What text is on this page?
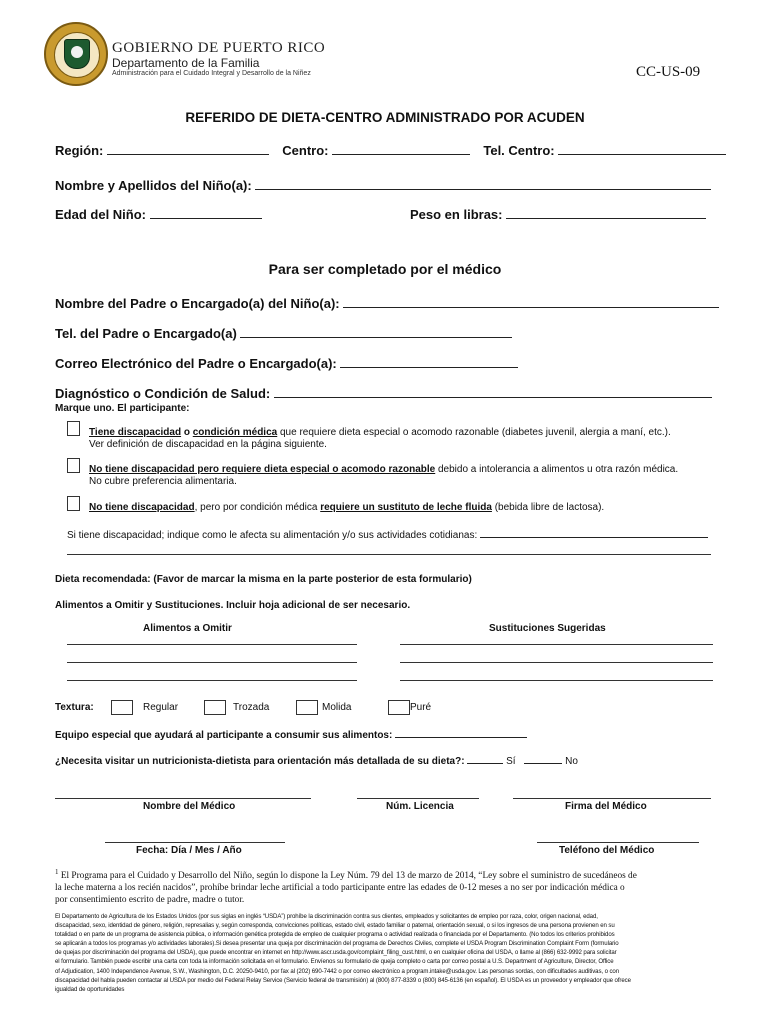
GOBIERNO DE PUERTO RICO
Departamento de la Familia
Administración para el Cuidado Integral y Desarrollo de la Niñez	CC-US-09
REFERIDO DE DIETA-CENTRO ADMINISTRADO POR ACUDEN
Región:	Centro:	Tel. Centro:
Nombre y Apellidos del Niño(a):
Edad del Niño:	Peso en libras:
Para ser completado por el médico
Nombre del Padre o Encargado(a) del Niño(a):
Tel. del Padre o Encargado(a)
Correo Electrónico del Padre o Encargado(a):
Diagnóstico o Condición de Salud:
Marque uno. El participante:
Tiene discapacidad o condición médica que requiere dieta especial o acomodo razonable (diabetes juvenil, alergia a maní, etc.).
Ver definición de discapacidad en la página siguiente.
No tiene discapacidad pero requiere dieta especial o acomodo razonable debido a intolerancia a alimentos u otra razón médica.
No cubre preferencia alimentaria.
No tiene discapacidad, pero por condición médica requiere un sustituto de leche fluida (bebida libre de lactosa).
Si tiene discapacidad; indique como le afecta su alimentación y/o sus actividades cotidianas:
Dieta recomendada: (Favor de marcar la misma en la parte posterior de esta formulario)
Alimentos a Omitir y Sustituciones. Incluir hoja adicional de ser necesario.
Alimentos a Omitir	Sustituciones Sugeridas
Textura:	Regular	Trozada	Molida	Puré
Equipo especial que ayudará al participante a consumir sus alimentos:
¿Necesita visitar un nutricionista-dietista para orientación más detallada de su dieta?:	Sí	No
Nombre del Médico	Núm. Licencia	Firma del Médico
Fecha: Día / Mes / Año	Teléfono del Médico
$^1$ El Programa para el Cuidado y Desarrollo del Niño, según lo dispone la Ley Núm. 79 del 13 de marzo de 2014, “Ley sobre el suministro de sucedáneos de
la leche materna a los recién nacidos”, prohíbe brindar leche artificial a todo participante entre las edades de 0-12 meses a no ser por indicación médica o
por consentimiento escrito de padre, madre o tutor.
El Departamento de Agricultura de los Estados Unidos (por sus siglas en inglés “USDA”) prohíbe la discriminación contra sus clientes, empleados y solicitantes de empleo por raza, color, origen nacional, edad,
discapacidad, sexo, identidad de género, religión, represalias y, según corresponda, convicciones políticas, estado civil, estado familiar o paternal, orientación sexual, o si los ingresos de una persona provienen en su
totalidad o en parte de un programa de asistencia pública, o información genética protegida de empleo de cualquier programa o actividad realizada o financiada por el Departamento. (No todos los criterios prohibidos
se aplicarán a todos los programas y/o actividades laborales).Si desea presentar una queja por discriminación del programa de Derechos Civiles, complete el USDA Program Discrimination Complaint Form (formulario
de quejas por discriminación del programa del USDA), que puede encontrar en internet en http://www.ascr.usda.gov/complaint_filing_cust.html, o en cualquier oficina del USDA, o llame al (866) 632-9992 para solicitar
el formulario. También puede escribir una carta con toda la información solicitada en el formulario. Envíenos su formulario de queja completo o carta por correo postal a U.S. Department of Agriculture, Director, Office
of Adjudication, 1400 Independence Avenue, S.W., Washington, D.C. 20250-9410, por fax al (202) 690-7442 o por correo electrónico a program.intake@usda.gov. Las personas sordas, con dificultades auditivas, o con
discapacidad del habla pueden contactar al USDA por medio del Federal Relay Service (Servicio federal de transmisión) al (800) 877-8339 o (800) 845-6136 (en español). El USDA es un proveedor y empleador que ofrece
igualdad de oportunidades
